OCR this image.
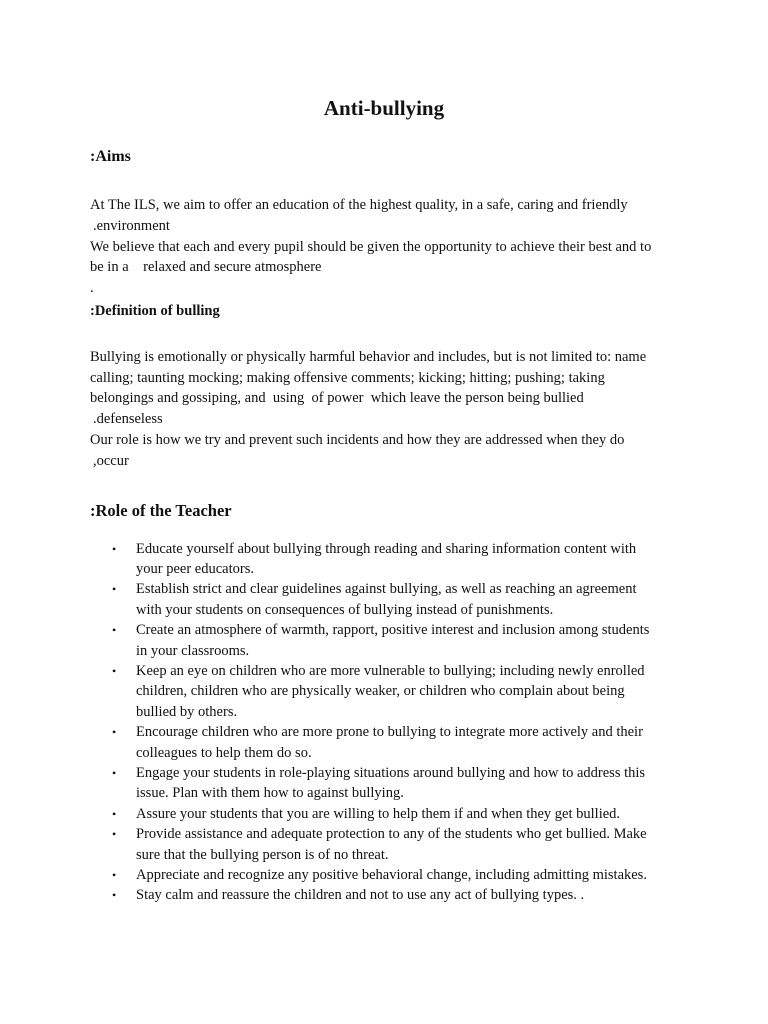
Anti-bullying
:Aims

At The ILS, we aim to offer an education of the highest quality, in a safe, caring and friendly
.environment

We believe that each and every pupil should be given the opportunity to achieve their best and to
be in a    relaxed and secure atmosphere
.

:Definition of bulling

Bullying is emotionally or physically harmful behavior and includes, but is not limited to: name
calling; taunting mocking; making offensive comments; kicking; hitting; pushing; taking
belongings and gossiping, and  using  of power  which leave the person being bullied
.defenseless

Our role is how we try and prevent such incidents and how they are addressed when they do
,occur

:Role of the Teacher
• Educate yourself about bullying through reading and sharing information content with
your peer educators.
• Establish strict and clear guidelines against bullying, as well as reaching an agreement
with your students on consequences of bullying instead of punishments.
• Create an atmosphere of warmth, rapport, positive interest and inclusion among students
in your classrooms.
• Keep an eye on children who are more vulnerable to bullying; including newly enrolled
children, children who are physically weaker, or children who complain about being
bullied by others.
• Encourage children who are more prone to bullying to integrate more actively and their
colleagues to help them do so.
• Engage your students in role-playing situations around bullying and how to address this
issue. Plan with them how to against bullying.
• Assure your students that you are willing to help them if and when they get bullied.
• Provide assistance and adequate protection to any of the students who get bullied. Make
sure that the bullying person is of no threat.
• Appreciate and recognize any positive behavioral change, including admitting mistakes.
• Stay calm and reassure the children and not to use any act of bullying types. .
